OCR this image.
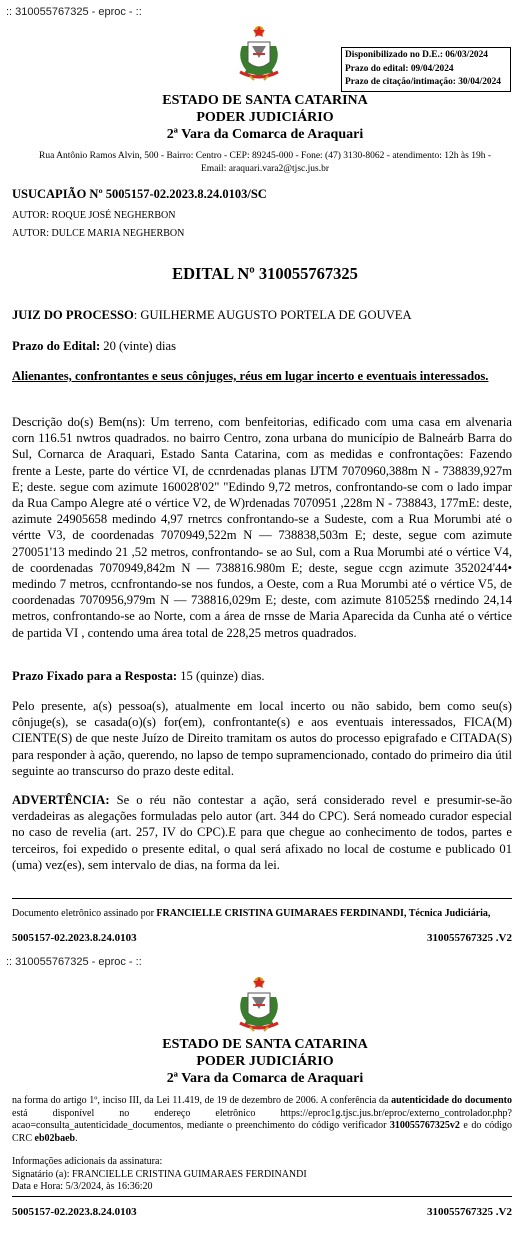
:: 310055767325 - eproc - ::
Disponibilizado no D.E.: 06/03/2024
Prazo do edital: 09/04/2024
Prazo de citação/intimação: 30/04/2024
ESTADO DE SANTA CATARINA
PODER JUDICIÁRIO
2ª Vara da Comarca de Araquari
Rua Antônio Ramos Alvin, 500 - Bairro: Centro - CEP: 89245-000 - Fone: (47) 3130-8062 - atendimento: 12h às 19h -
Email: araquari.vara2@tjsc.jus.br
USUCAPIÃO Nº 5005157-02.2023.8.24.0103/SC
AUTOR: ROQUE JOSÉ NEGHERBON
AUTOR: DULCE MARIA NEGHERBON
EDITAL Nº 310055767325
JUIZ DO PROCESSO: GUILHERME AUGUSTO PORTELA DE GOUVEA
Prazo do Edital: 20 (vinte) dias
Alienantes, confrontantes e seus cônjuges, réus em lugar incerto e eventuais interessados.
Descrição do(s) Bem(ns): Um terreno, com benfeitorias, edificado com uma casa em alvenaria corn 116.51 nwtros quadrados. no bairro Centro, zona urbana do município de Balneárb Barra do Sul, Cornarca de Araquari, Estado Santa Catarina, com as medidas e confrontações: Fazendo frente a Leste, parte do vértice VI, de ccnrdenadas planas IJTM 7070960,388m N - 738839,927m E; deste. segue com azimute 160028'02" "Edindo 9,72 metros, confrontando-se com o lado impar da Rua Campo Alegre até o vértice V2, de W)rdenadas 7070951 ,228m N - 738843, 177mE: deste, azimute 24905658 medindo 4,97 rnetrcs confrontando-se a Sudeste, com a Rua Morumbi até o vértte V3, de coordenadas 7070949,522m N — 738838,503m E; deste, segue com azimute 270051'13 medindo 21 ,52 metros, confrontando- se ao Sul, com a Rua Morumbi até o vértice V4, de coordenadas 7070949,842m N — 738816.980m E; deste, segue ccgn azimute 352024'44• medindo 7 metros, ccnfrontando-se nos fundos, a Oeste, com a Rua Morumbi até o vértice V5, de coordenadas 7070956,979m N — 738816,029m E; deste, com azimute 810525$ rnedindo 24,14 metros, confrontando-se ao Norte, com a área de rnsse de Maria Aparecida da Cunha até o vértice de partida VI , contendo uma área total de 228,25 metros quadrados.
Prazo Fixado para a Resposta: 15 (quinze) dias.
Pelo presente, a(s) pessoa(s), atualmente em local incerto ou não sabido, bem como seu(s) cônjuge(s), se casada(o)(s) for(em), confrontante(s) e aos eventuais interessados, FICA(M) CIENTE(S) de que neste Juízo de Direito tramitam os autos do processo epigrafado e CITADA(S) para responder à ação, querendo, no lapso de tempo supramencionado, contado do primeiro dia útil seguinte ao transcurso do prazo deste edital.
ADVERTÊNCIA: Se o réu não contestar a ação, será considerado revel e presumir-se-ão verdadeiras as alegações formuladas pelo autor (art. 344 do CPC). Será nomeado curador especial no caso de revelia (art. 257, IV do CPC).E para que chegue ao conhecimento de todos, partes e terceiros, foi expedido o presente edital, o qual será afixado no local de costume e publicado 01 (uma) vez(es), sem intervalo de dias, na forma da lei.
Documento eletrônico assinado por FRANCIELLE CRISTINA GUIMARAES FERDINANDI, Técnica Judiciária,
5005157-02.2023.8.24.0103	310055767325 .V2
:: 310055767325 - eproc - ::
ESTADO DE SANTA CATARINA
PODER JUDICIÁRIO
2ª Vara da Comarca de Araquari
na forma do artigo 1º, inciso III, da Lei 11.419, de 19 de dezembro de 2006. A conferência da autenticidade do documento está disponível no endereço eletrônico https://eproc1g.tjsc.jus.br/eproc/externo_controlador.php?acao=consulta_autenticidade_documentos, mediante o preenchimento do código verificador 310055767325v2 e do código CRC eb02baeb.
Informações adicionais da assinatura:
Signatário (a): FRANCIELLE CRISTINA GUIMARAES FERDINANDI
Data e Hora: 5/3/2024, às 16:36:20
5005157-02.2023.8.24.0103	310055767325 .V2
